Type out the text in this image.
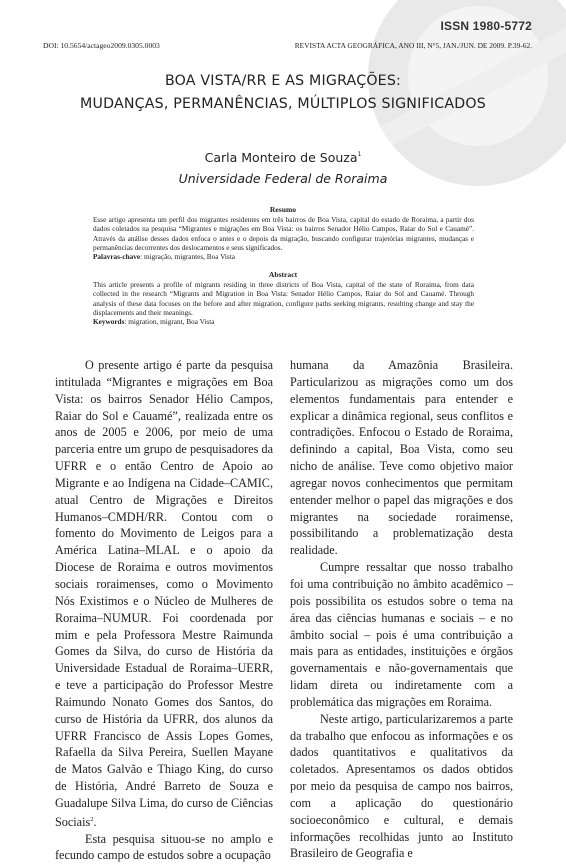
ISSN 1980-5772
DOI: 10.5654/actageo2009.0305.0003	REVISTA ACTA GEOGRÁFICA, ANO III, N°5, JAN./JUN. DE 2009. P.39-62.
BOA VISTA/RR E AS MIGRAÇÕES:
MUDANÇAS, PERMANÊNCIAS, MÚLTIPLOS SIGNIFICADOS
Carla Monteiro de Souza$^1$
Universidade Federal de Roraima
Resumo
Esse artigo apresenta um perfil dos migrantes residentes em três bairros de Boa Vista, capital do estado de Roraima, a partir dos dados coletados na pesquisa “Migrantes e migrações em Boa Vista: os bairros Senador Hélio Campos, Raiar do Sol e Cauamé”. Através da análise desses dados enfoca o antes e o depois da migração, buscando configurar trajetórias migrantes, mudanças e permanências decorrentes dos deslocamentos e seus significados.
Palavras-chave: migração, migrantes, Boa Vista
Abstract
This article presents a profile of migrants residing in three districts of Boa Vista, capital of the state of Roraima, from data collected in the research “Migrants and Migration in Boa Vista: Senador Hélio Campos, Raiar do Sol and Cauamé. Through analysis of these data focuses on the before and after migration, configure paths seeking migrants, resulting change and stay the displacements and their meanings.
Keywords: migration, migrant, Boa Vista

O presente artigo é parte da pesquisa intitulada “Migrantes e migrações em Boa Vista: os bairros Senador Hélio Campos, Raiar do Sol e Cauamé”, realizada entre os anos de 2005 e 2006, por meio de uma parceria entre um grupo de pesquisadores da UFRR e o então Centro de Apoio ao Migrante e ao Indígena na Cidade–CAMIC, atual Centro de Migrações e Direitos Humanos–CMDH/RR. Contou com o fomento do Movimento de Leigos para a América Latina–MLAL e o apoio da Diocese de Roraima e outros movimentos sociais roraimenses, como o Movimento Nós Existimos e o Núcleo de Mulheres de Roraima–NUMUR. Foi coordenada por mim e pela Professora Mestre Raimunda Gomes da Silva, do curso de História da Universidade Estadual de Roraima–UERR, e teve a participação do Professor Mestre Raimundo Nonato Gomes dos Santos, do curso de História da UFRR, dos alunos da UFRR Francisco de Assis Lopes Gomes, Rafaella da Silva Pereira, Suellen Mayane de Matos Galvão e Thiago King, do curso de História, André Barreto de Souza e Guadalupe Silva Lima, do curso de Ciências Sociais$^2$.

Esta pesquisa situou-se no amplo e fecundo campo de estudos sobre a ocupação

humana da Amazônia Brasileira. Particularizou as migrações como um dos elementos fundamentais para entender e explicar a dinâmica regional, seus conflitos e contradições. Enfocou o Estado de Roraima, definindo a capital, Boa Vista, como seu nicho de análise. Teve como objetivo maior agregar novos conhecimentos que permitam entender melhor o papel das migrações e dos migrantes na sociedade roraimense, possibilitando a problematização desta realidade.

Cumpre ressaltar que nosso trabalho foi uma contribuição no âmbito acadêmico – pois possibilita os estudos sobre o tema na área das ciências humanas e sociais – e no âmbito social – pois é uma contribuição a mais para as entidades, instituições e órgãos governamentais e não-governamentais que lidam direta ou indiretamente com a problemática das migrações em Roraima.

Neste artigo, particularizaremos a parte da trabalho que enfocou as informações e os dados quantitativos e qualitativos da coletados. Apresentamos os dados obtidos por meio da pesquisa de campo nos bairros, com a aplicação do questionário socioeconômico e cultural, e demais informações recolhidas junto ao Instituto Brasileiro de Geografia e
